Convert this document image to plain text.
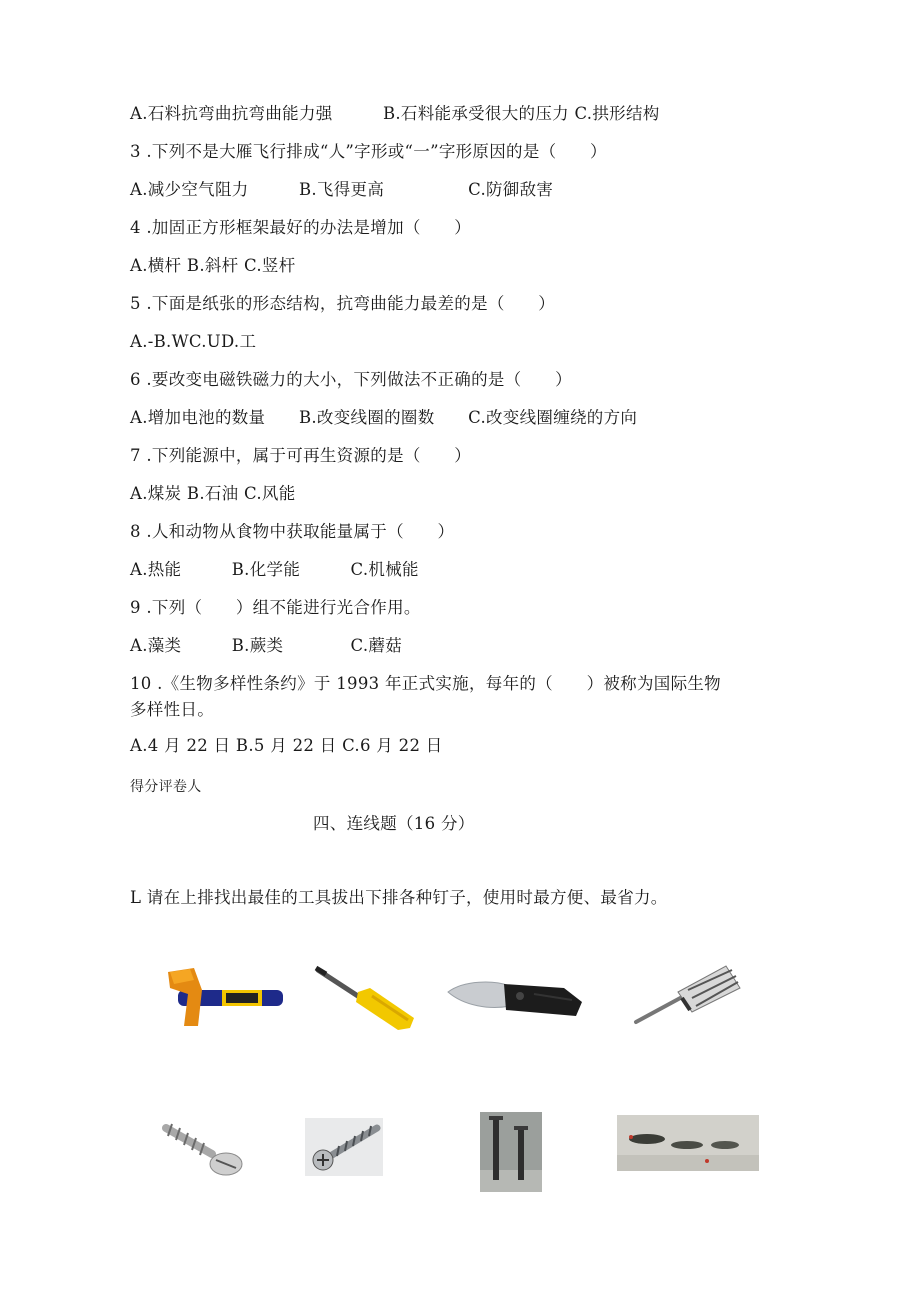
A.石料抗弯曲抗弯曲能力强　　　B.石料能承受很大的压力 C.拱形结构
3 .下列不是大雁飞行排成“人”字形或“一”字形原因的是（　　）
A.减少空气阻力　　　B.飞得更高　　　　　C.防御敌害
4 .加固正方形框架最好的办法是增加（　　）
A.横杆 B.斜杆 C.竖杆
5 .下面是纸张的形态结构，抗弯曲能力最差的是（　　）
A.-B.WC.UD.工
6 .要改变电磁铁磁力的大小，下列做法不正确的是（　　）
A.增加电池的数量　　B.改变线圈的圈数　　C.改变线圈缠绕的方向
7 .下列能源中，属于可再生资源的是（　　）
A.煤炭 B.石油 C.风能
8 .人和动物从食物中获取能量属于（　　）
A.热能　　　B.化学能　　　C.机械能
9 .下列（　　）组不能进行光合作用。
A.藻类　　　B.蕨类　　　　C.蘑菇
10 .《生物多样性条约》于 1993 年正式实施，每年的（　　）被称为国际生物
多样性日。
A.4 月 22 日 B.5 月 22 日 C.6 月 22 日
得分评卷人
四、连线题（16 分）
L 请在上排找出最佳的工具拔出下排各种钉子，使用时最方便、最省力。
